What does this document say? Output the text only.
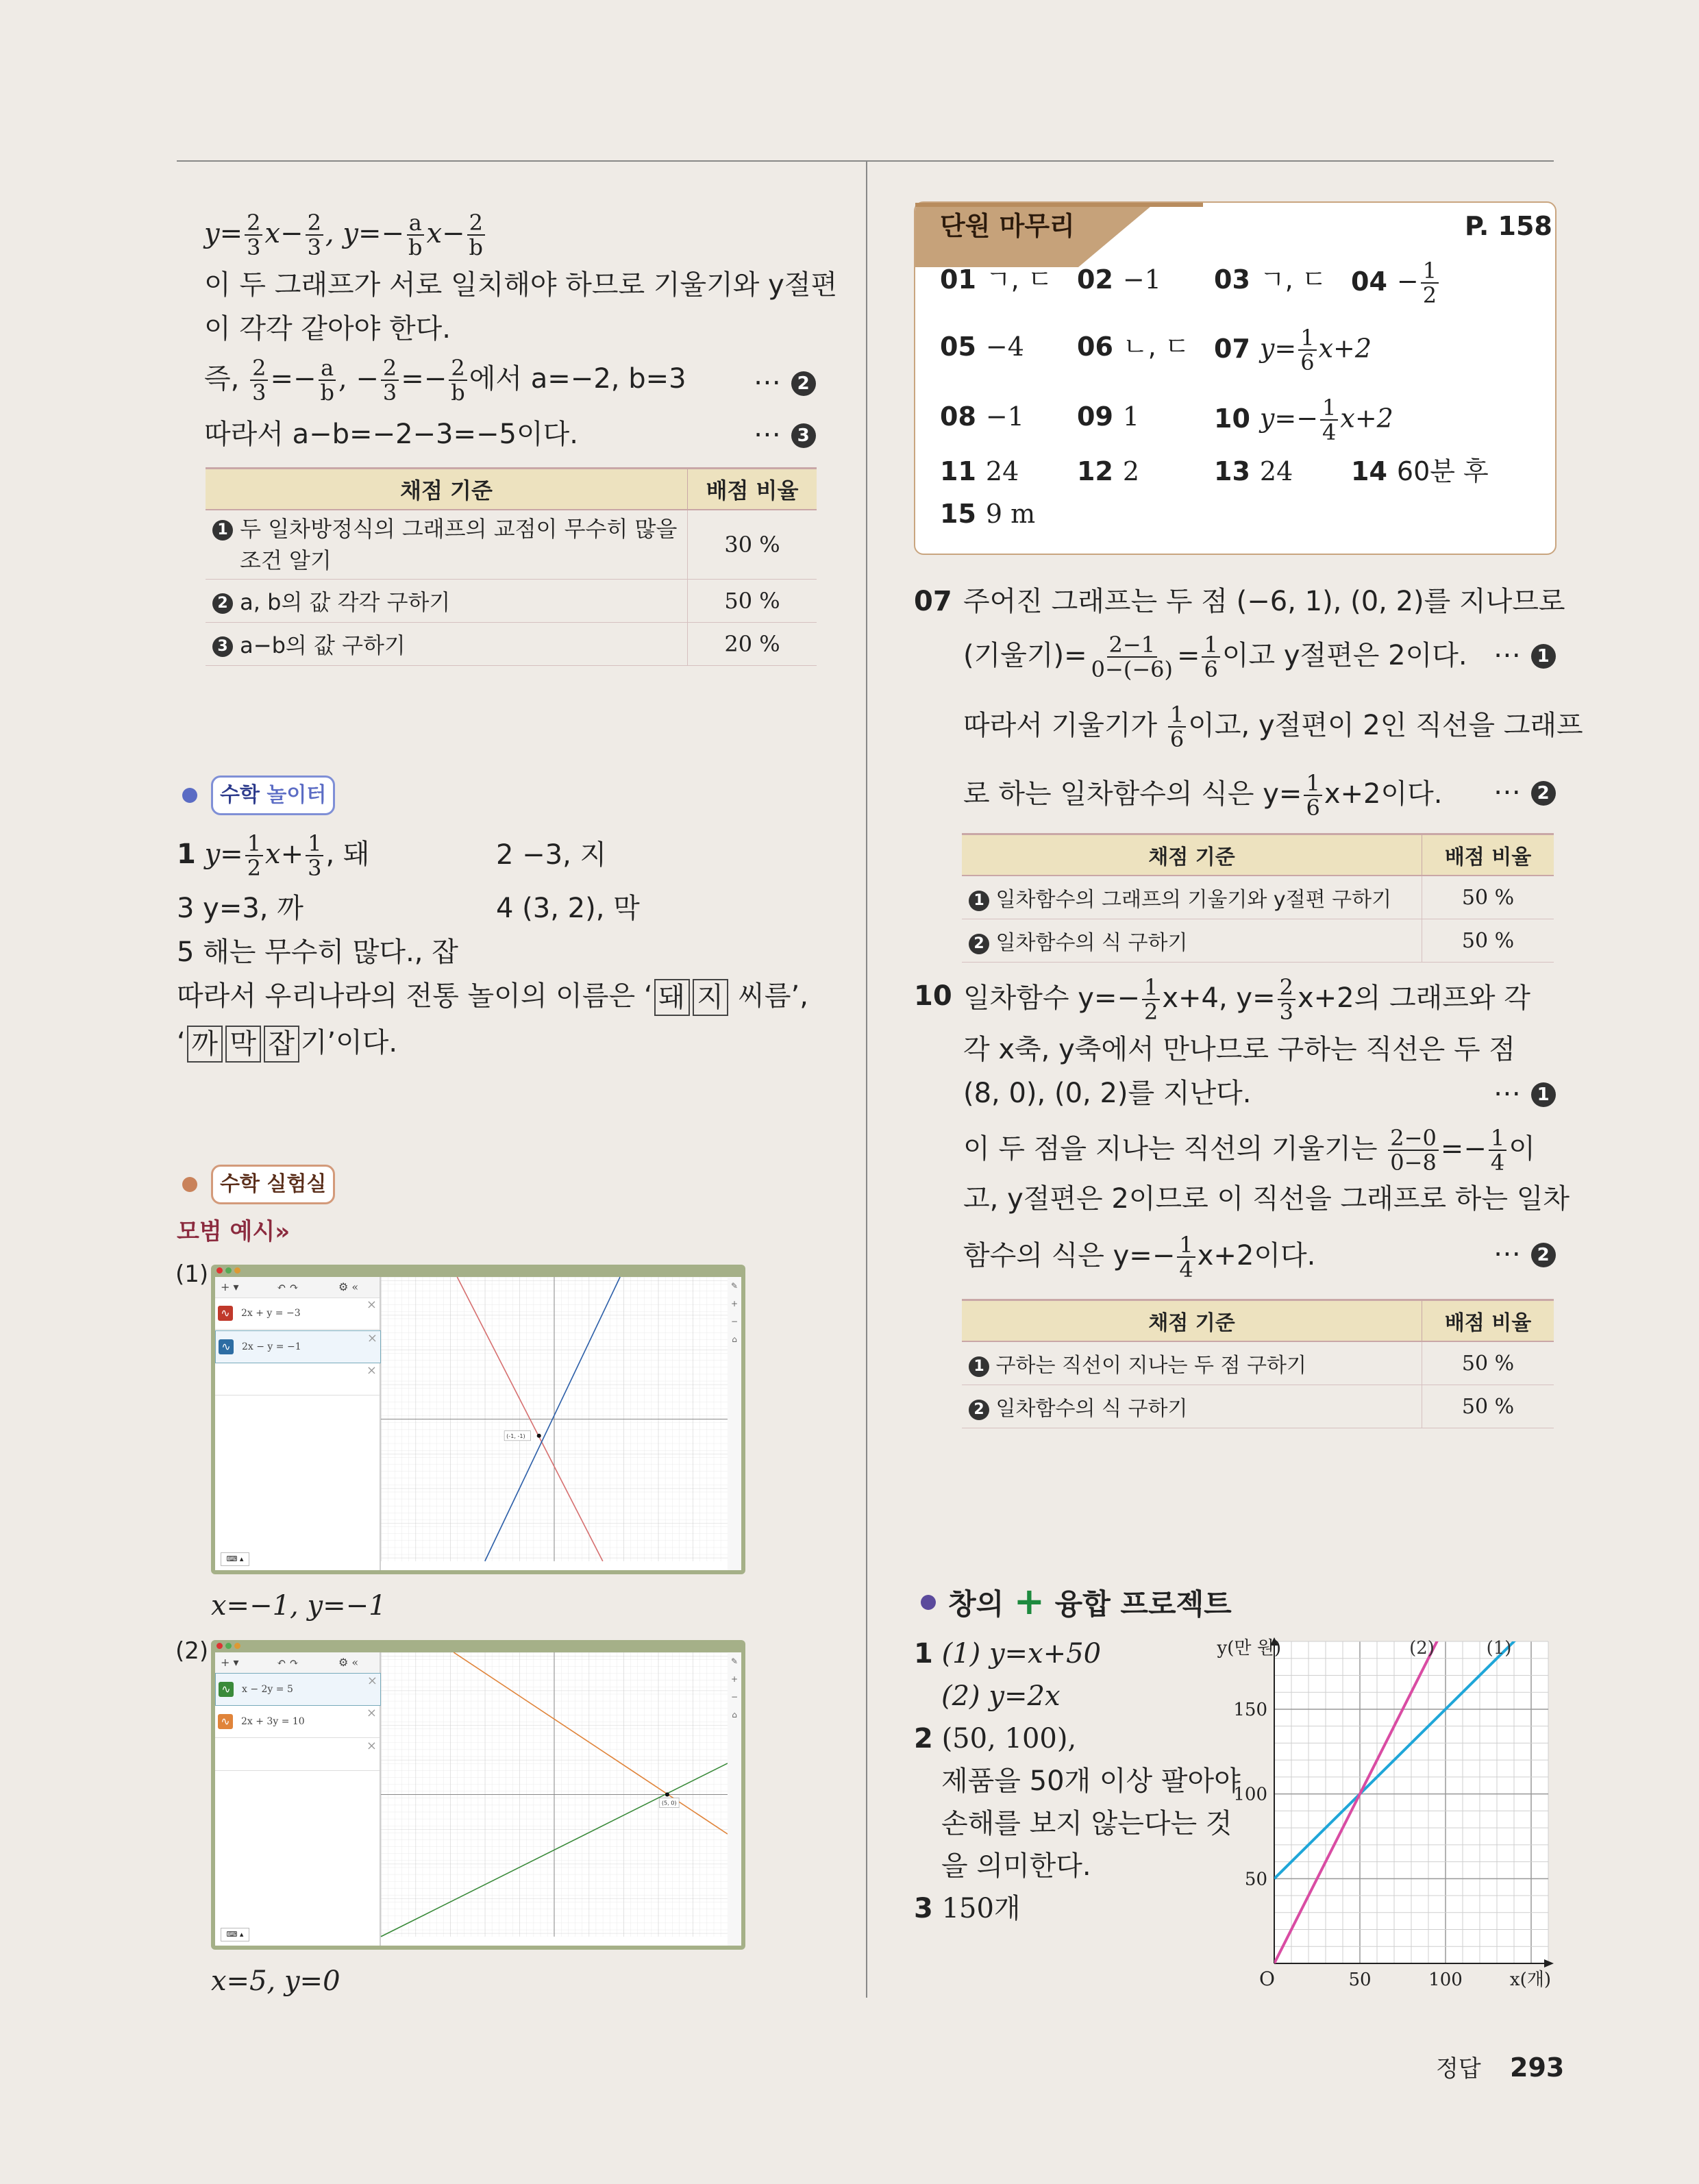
$y= \frac{2}{3} x- \frac{2}{3}$ , $y=- \frac{a}{b} x- \frac{2}{b}$
이 두 그래프가 서로 일치해야 하므로 기울기와 y절편
이 각각 같아야 한다.
즉, $\frac{2}{3} =- \frac{a}{b}$ , − $\frac{2}{3} =- \frac{2}{b}$ 에서 a=−2, b=3 ⋯ 2
따라서 a−b=−2−3=−5이다.	⋯ 3
채점 기준	배점 비율
1 두 일차방정식의 그래프의 교점이 무수히 많을
조건 알기	30 %
2 a, b의 값 각각 구하기	50 %
3 a−b의 값 구하기	20 %
수학 놀이터
1 $y= \frac{1}{2} x+ \frac{1}{3}$ , 돼	2 −3, 지
3 y=3, 까	4 (3, 2), 막
5 해는 무수히 많다., 잡
따라서 우리나라의 전통 놀이의 이름은 ‘ 돼 지 씨름’,
‘ 까 막 잡 기’이다.
수학 실험실
모범 예시»
(1) + ▾	↶ ↷	⚙ «
∿	2x + y = −3
×
∿	2x − y = −1
×
×
⌨ ▴
(-1, -1)
✎
+
−
⌂
x=−1, y=−1
(2) + ▾	↶ ↷	⚙ «
∿	x − 2y = 5
×
∿	2x + 3y = 10
×
×
⌨ ▴
(5, 0)
✎
+
−
⌂
x=5, y=0
단원 마무리	P. 158
01 ㄱ, ㄷ 02 −1 03 ㄱ, ㄷ $04 - \frac{1}{2}$
05 −4 06 ㄴ, ㄷ 07 $y= \frac{1}{6} x+2$
08 −1 09 1	10 $y=- \frac{1}{4} x+2$
11 24 12 2	13 24 14 60분 후
15 9 m
07 주어진 그래프는 두 점 (−6, 1), (0, 2)를 지나므로
(기울기)= $\frac{2-1}{0-(-6)} = \frac{1}{6}$ 이고 y절편은 2이다. ⋯ 1
따라서 기울기가 $\frac{1}{6}$ 이고, y절편이 2인 직선을 그래프
로 하는 일차함수의 식은 $y= \frac{1}{6} x+2$이다. ⋯ 2
채점 기준	배점 비율
1 일차함수의 그래프의 기울기와 y절편 구하기	50 %
2 일차함수의 식 구하기	50 %
10 일차함수 $y=- \frac{1}{2} x+4$, $y= \frac{2}{3} x+2$의 그래프와 각
각 x축, y축에서 만나므로 구하는 직선은 두 점
(8, 0), (0, 2)를 지난다.	⋯ 1
이 두 점을 지나는 직선의 기울기는 $\frac{2-0}{0-8} =- \frac{1}{4}$ 이
고, y절편은 2이므로 이 직선을 그래프로 하는 일차
함수의 식은 $y=- \frac{1}{4} x+2$이다.	⋯ 2
채점 기준	배점 비율
1 구하는 직선이 지나는 두 점 구하기	50 %
2 일차함수의 식 구하기	50 %
창의 + 융합 프로젝트
1 (1) y=x+50
(2) y=2x
2 (50, 100),
제품을 50개 이상 팔아야
손해를 보지 않는다는 것
을 의미한다.
3 150개
(1)
(2)
O	50	100
50
100
150
x(개)
y(만 원)
정답 293
